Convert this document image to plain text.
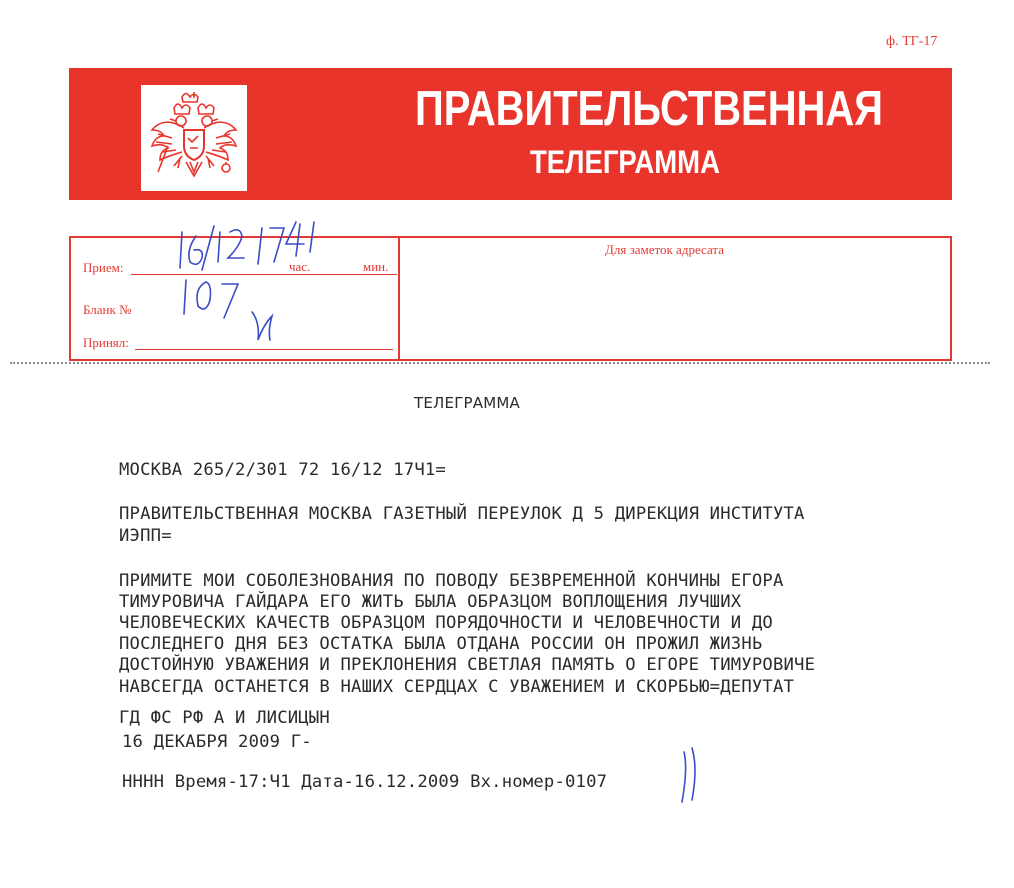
ф. ТГ-17
ПРАВИТЕЛЬСТВЕННАЯ
ТЕЛЕГРАММА
Прием:	час.	мин.
Бланк №
Принял:
Для заметок адресата
ТЕЛЕГРАММА
МОСКВА 265/2/301 72 16/12 17Ч1=
ПРАВИТЕЛЬСТВЕННАЯ МОСКВА ГАЗЕТНЫЙ ПЕРЕУЛОК Д 5 ДИРЕКЦИЯ ИНСТИТУТА
ИЭПП=
ПРИМИТЕ МОИ СОБОЛЕЗНОВАНИЯ ПО ПОВОДУ БЕЗВРЕМЕННОЙ КОНЧИНЫ ЕГОРА
ТИМУРОВИЧА ГАЙДАРА ЕГО ЖИТЬ БЫЛА ОБРАЗЦОМ ВОПЛОЩЕНИЯ ЛУЧШИХ
ЧЕЛОВЕЧЕСКИХ КАЧЕСТВ ОБРАЗЦОМ ПОРЯДОЧНОСТИ И ЧЕЛОВЕЧНОСТИ И ДО
ПОСЛЕДНЕГО ДНЯ БЕЗ ОСТАТКА БЫЛА ОТДАНА РОССИИ ОН ПРОЖИЛ ЖИЗНЬ
ДОСТОЙНУЮ УВАЖЕНИЯ И ПРЕКЛОНЕНИЯ СВЕТЛАЯ ПАМЯТЬ О ЕГОРЕ ТИМУРОВИЧЕ
НАВСЕГДА ОСТАНЕТСЯ В НАШИХ СЕРДЦАХ С УВАЖЕНИЕМ И СКОРБЬЮ=ДЕПУТАТ
ГД ФС РФ А И ЛИСИЦЫН
16 ДЕКАБРЯ 2009 Г-
НННН Время-17:Ч1 Дата-16.12.2009 Вх.номер-0107
